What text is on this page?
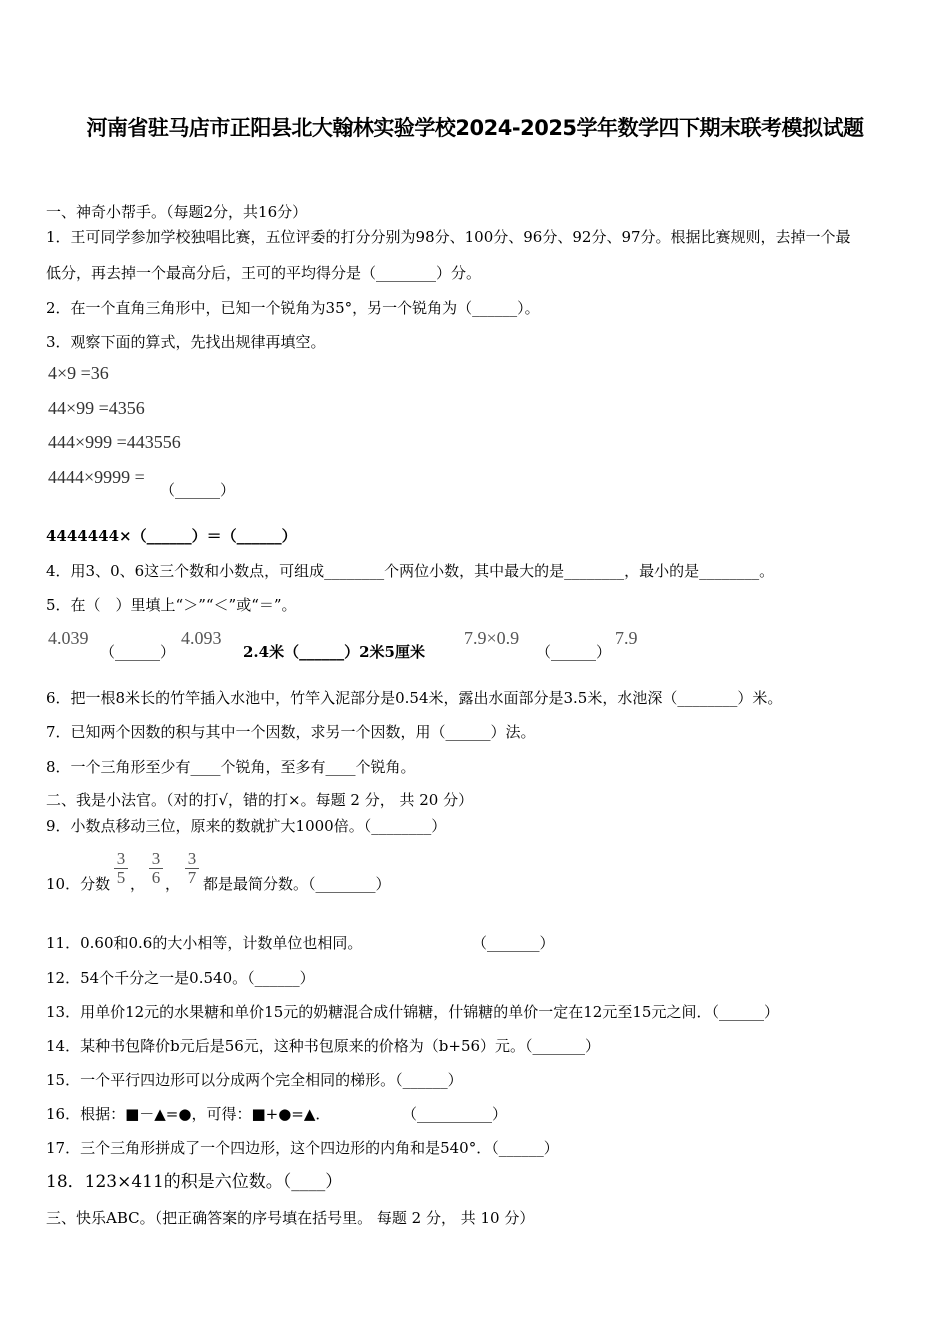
河南省驻马店市正阳县北大翰林实验学校2024-2025学年数学四下期末联考模拟试题
一、神奇小帮手。（每题2分，共16分）
1．王可同学参加学校独唱比赛，五位评委的打分分别为98分、100分、96分、92分、97分。根据比赛规则，去掉一个最
低分，再去掉一个最高分后，王可的平均得分是（________）分。
2．在一个直角三角形中，已知一个锐角为35°，另一个锐角为（______）。
3．观察下面的算式，先找出规律再填空。
4×9 =36
44×99 =4356
444×999 =443556
4444×9999 =
（______）
4444444×（______）＝（______）
4．用3、0、6这三个数和小数点，可组成________个两位小数，其中最大的是________，最小的是________。
5．在（　）里填上“＞”“＜”或“＝”。
4.039
（______）
4.093
2.4米（______）2米5厘米
7.9×0.9
（______）
7.9
6．把一根8米长的竹竿插入水池中，竹竿入泥部分是0.54米，露出水面部分是3.5米，水池深（________）米。
7．已知两个因数的积与其中一个因数，求另一个因数，用（______）法。
8．一个三角形至少有____个锐角，至多有____个锐角。
二、我是小法官。（对的打√，错的打×。每题 2 分， 共 20 分）
9．小数点移动三位，原来的数就扩大1000倍。（________）
10．分数 $\frac{3}{5}$ ， $\frac{3}{6}$ ， $\frac{3}{7}$ 都是最简分数。（________）
11．0.60和0.6的大小相等，计数单位也相同。	（_______）
12．54个千分之一是0.540。（______）
13．用单价12元的水果糖和单价15元的奶糖混合成什锦糖，什锦糖的单价一定在12元至15元之间．（______）
14．某种书包降价b元后是56元，这种书包原来的价格为（b+56）元。（_______）
15．一个平行四边形可以分成两个完全相同的梯形。（______）
16．根据：■－▲=●，可得：■+●=▲．	（__________）
17．三个三角形拼成了一个四边形，这个四边形的内角和是540°．（______）
18．123×411的积是六位数。（____）
三、快乐ABC。（把正确答案的序号填在括号里。 每题 2 分， 共 10 分）
